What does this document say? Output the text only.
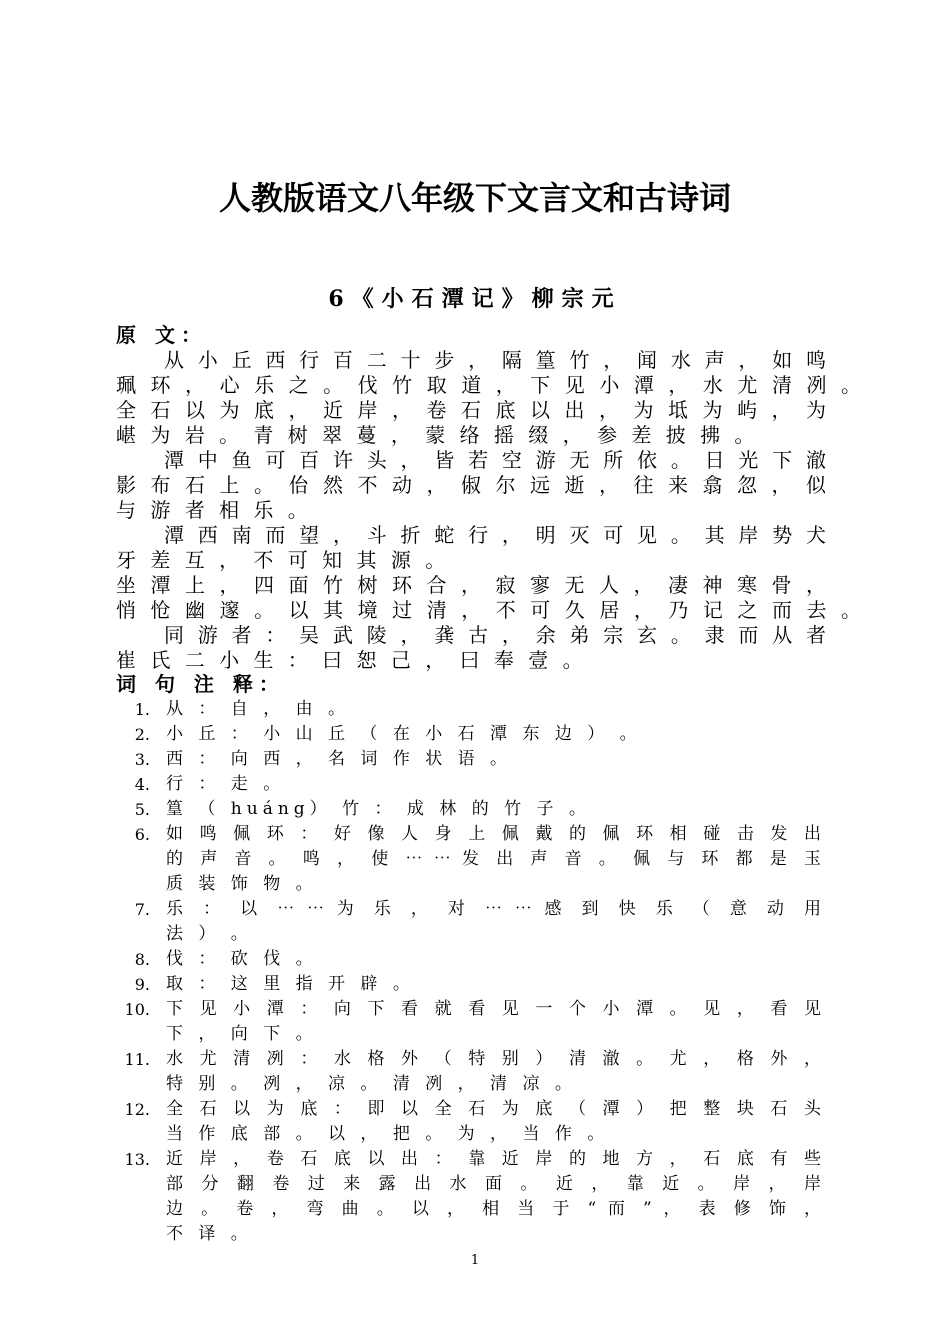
人教版语文八年级下文言文和古诗词
6《小石潭记》柳宗元
原 文：
从 小 丘 西 行 百 二 十 步 ， 隔 篁 竹 ， 闻 水 声 ， 如 鸣
珮 环 ， 心 乐 之 。 伐 竹 取 道 ， 下 见 小 潭 ， 水 尤 清 冽 。
全 石 以 为 底 ， 近 岸 ， 卷 石 底 以 出 ， 为 坻 为 屿 ， 为
嵁 为 岩 。 青 树 翠 蔓 ， 蒙 络 摇 缀 ， 参 差 披 拂 。
潭 中 鱼 可 百 许 头 ， 皆 若 空 游 无 所 依 。 日 光 下 澈
影 布 石 上 。 佁 然 不 动 ， 俶 尔 远 逝 ， 往 来 翕 忽 ， 似
与 游 者 相 乐 。
潭 西 南 而 望 ， 斗 折 蛇 行 ， 明 灭 可 见 。 其 岸 势 犬
牙 差 互 ， 不 可 知 其 源 。
坐 潭 上 ， 四 面 竹 树 环 合 ， 寂 寥 无 人 ， 凄 神 寒 骨 ，
悄 怆 幽 邃 。 以 其 境 过 清 ， 不 可 久 居 ， 乃 记 之 而 去 。
同 游 者 ： 吴 武 陵 ， 龚 古 ， 余 弟 宗 玄 。 隶 而 从 者
崔 氏 二 小 生 ： 曰 恕 己 ， 曰 奉 壹 。
词 句 注 释：
1. 从 ： 自 ， 由 。
2. 小 丘 ： 小 山 丘 （ 在 小 石 潭 东 边 ） 。
3. 西 ： 向 西 ， 名 词 作 状 语 。
4. 行 ： 走 。
5. 篁 （ huáng） 竹 ： 成 林 的 竹 子 。
6. 如 鸣 佩 环 ： 好 像 人 身 上 佩 戴 的 佩 环 相 碰 击 发 出
的 声 音 。 鸣 ， 使 ⋯ ⋯ 发 出 声 音 。 佩 与 环 都 是 玉
质 装 饰 物 。
7. 乐 ： 以 ⋯ ⋯ 为 乐 ， 对 ⋯ ⋯ 感 到 快 乐 （ 意 动 用
法 ） 。
8. 伐 ： 砍 伐 。
9. 取 ： 这 里 指 开 辟 。
10. 下 见 小 潭 ： 向 下 看 就 看 见 一 个 小 潭 。 见 ， 看 见
下 ， 向 下 。
11. 水 尤 清 冽 ： 水 格 外 （ 特 别 ） 清 澈 。 尤 ， 格 外 ，
特 别 。 冽 ， 凉 。 清 冽 ， 清 凉 。
12. 全 石 以 为 底 ： 即 以 全 石 为 底 （ 潭 ） 把 整 块 石 头
当 作 底 部 。 以 ， 把 。 为 ， 当 作 。
13. 近 岸 ， 卷 石 底 以 出 ： 靠 近 岸 的 地 方 ， 石 底 有 些
部 分 翻 卷 过 来 露 出 水 面 。 近 ， 靠 近 。 岸 ， 岸
边 。 卷 ， 弯 曲 。 以 ， 相 当 于 “ 而 ” ， 表 修 饰 ，
不 译 。
1
